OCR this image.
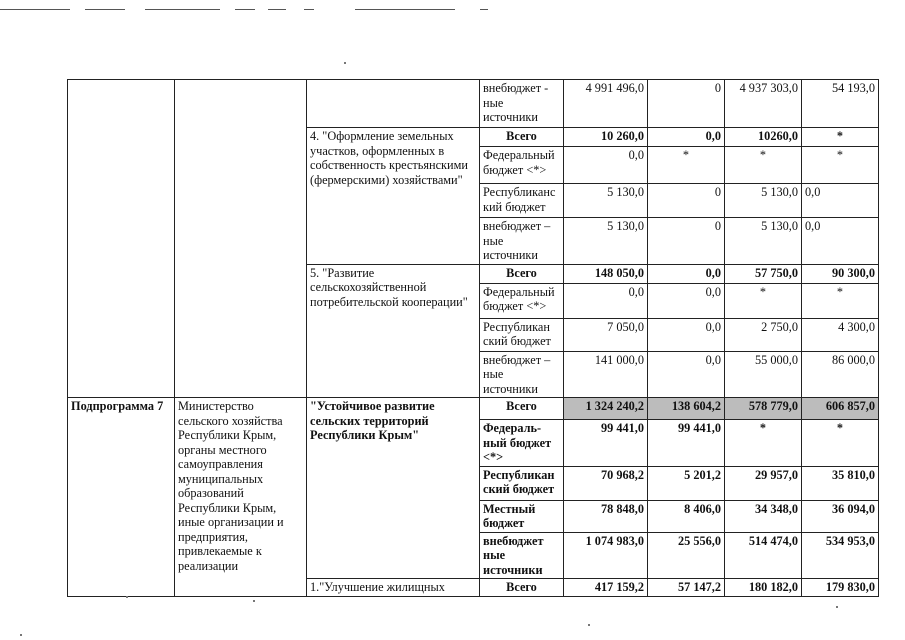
			внебюджет - ные источники	4 991 496,0	0	4 937 303,0	54 193,0
		4. "Оформление земельных участков, оформленных в собственность крестьянскими (фермерскими) хозяйствами"	Всего	10 260,0	0,0	10260,0	*
			Федеральный бюджет <*>	0,0	*	*	*
			Республиканс кий бюджет	5 130,0	0	5 130,0	0,0
			внебюджет – ные источники	5 130,0	0	5 130,0	0,0
		5. "Развитие сельскохозяйственной потребительской кооперации"	Всего	148 050,0	0,0	57 750,0	90 300,0
			Федеральный бюджет <*>	0,0	0,0	*	*
			Республикан ский бюджет	7 050,0	0,0	2 750,0	4 300,0
			внебюджет – ные источники	141 000,0	0,0	55 000,0	86 000,0
Подпрограмма 7	Министерство сельского хозяйства Республики Крым, органы местного самоуправления муниципальных образований Республики Крым, иные организации и предприятия, привлекаемые к реализации	"Устойчивое развитие сельских территорий Республики Крым"	Всего	1 324 240,2	138 604,2	578 779,0	606 857,0
			Федераль- ный бюджет <*>	99 441,0	99 441,0	*	*
			Республикан ский бюджет	70 968,2	5 201,2	29 957,0	35 810,0
			Местный бюджет	78 848,0	8 406,0	34 348,0	36 094,0
			внебюджет ные источники	1 074 983,0	25 556,0	514 474,0	534 953,0
		1."Улучшение жилищных	Всего	417 159,2	57 147,2	180 182,0	179 830,0
